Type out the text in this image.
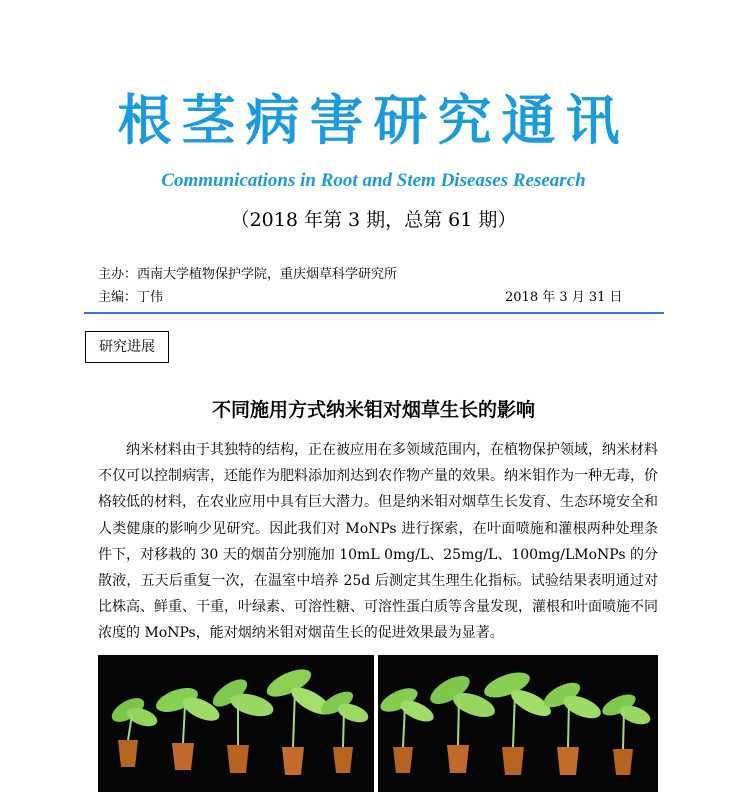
根茎病害研究通讯
Communications in Root and Stem Diseases Research
（2018 年第 3 期，总第 61 期）
主办：西南大学植物保护学院，重庆烟草科学研究所
主编：丁伟	2018 年 3 月 31 日
研究进展
不同施用方式纳米钼对烟草生长的影响

纳米材料由于其独特的结构，正在被应用在多领域范围内，在植物保护领域，纳米材料不仅可以控制病害，还能作为肥料添加剂达到农作物产量的效果。纳米钼作为一种无毒，价格较低的材料，在农业应用中具有巨大潜力。但是纳米钼对烟草生长发育、生态环境安全和人类健康的影响少见研究。因此我们对 MoNPs 进行探索，在叶面喷施和灌根两种处理条件下，对移栽的 30 天的烟苗分别施加 10mL 0mg/L、25mg/L、100mg/LMoNPs 的分散液，五天后重复一次，在温室中培养 25d 后测定其生理生化指标。试验结果表明通过对比株高、鲜重、干重，叶绿素、可溶性糖、可溶性蛋白质等含量发现，灌根和叶面喷施不同浓度的 MoNPs，能对烟纳米钼对烟苗生长的促进效果最为显著。
